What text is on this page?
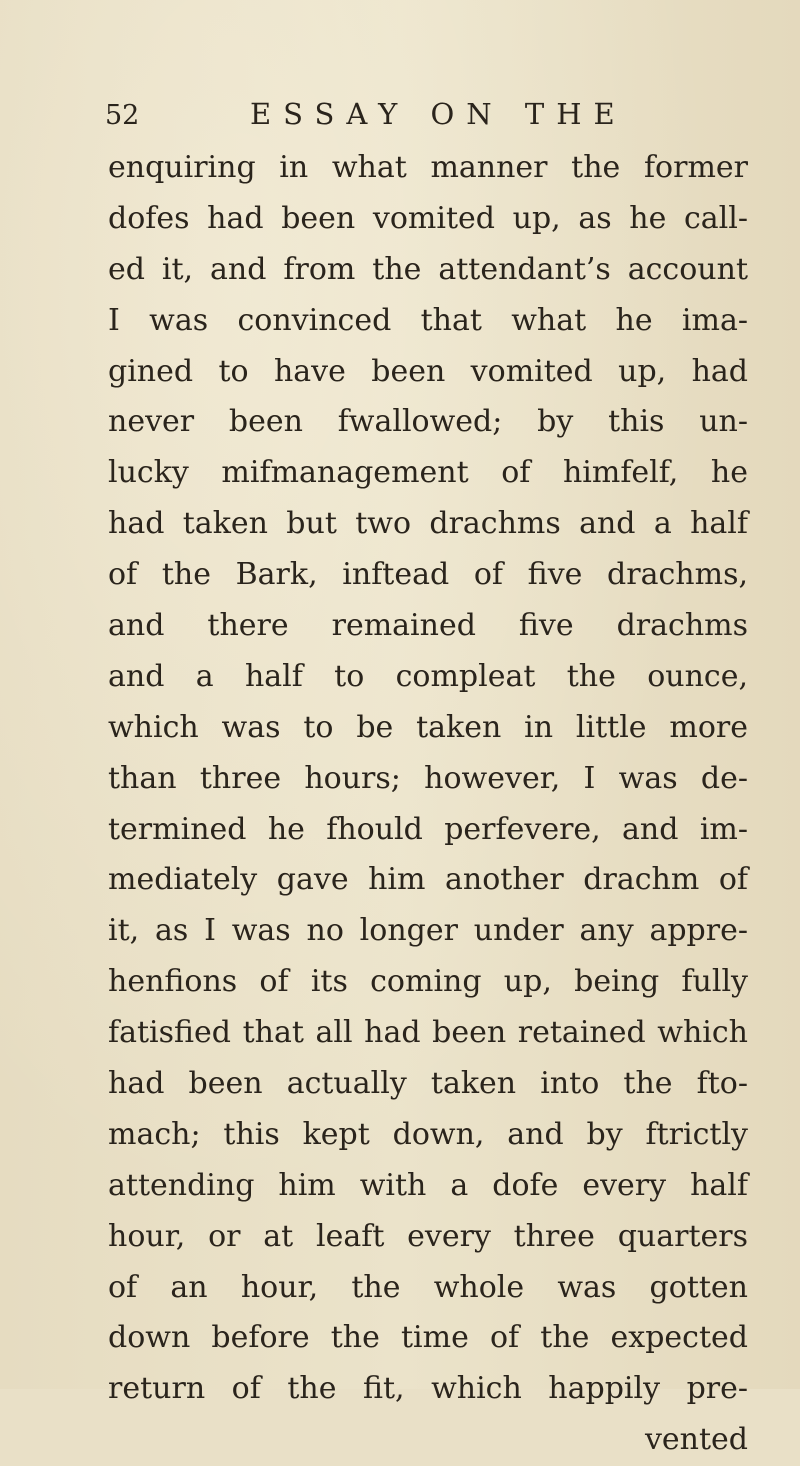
52	ESSAY ON THE
enquiring in what manner the former
dofes had been vomited up, as he call-
ed it, and from the attendant’s account
I was convinced that what he ima-
gined to have been vomited up, had
never been fwallowed; by this un-
lucky mifmanagement of himfelf, he
had taken but two drachms and a half
of the Bark, inftead of five drachms,
and there remained five drachms
and a half to compleat the ounce,
which was to be taken in little more
than three hours; however, I was de-
termined he fhould perfevere, and im-
mediately gave him another drachm of
it, as I was no longer under any appre-
henfions of its coming up, being fully
fatisfied that all had been retained which
had been actually taken into the fto-
mach; this kept down, and by ftrictly
attending him with a dofe every half
hour, or at leaft every three quarters
of an hour, the whole was gotten
down before the time of the expected
return of the fit, which happily pre-
vented
